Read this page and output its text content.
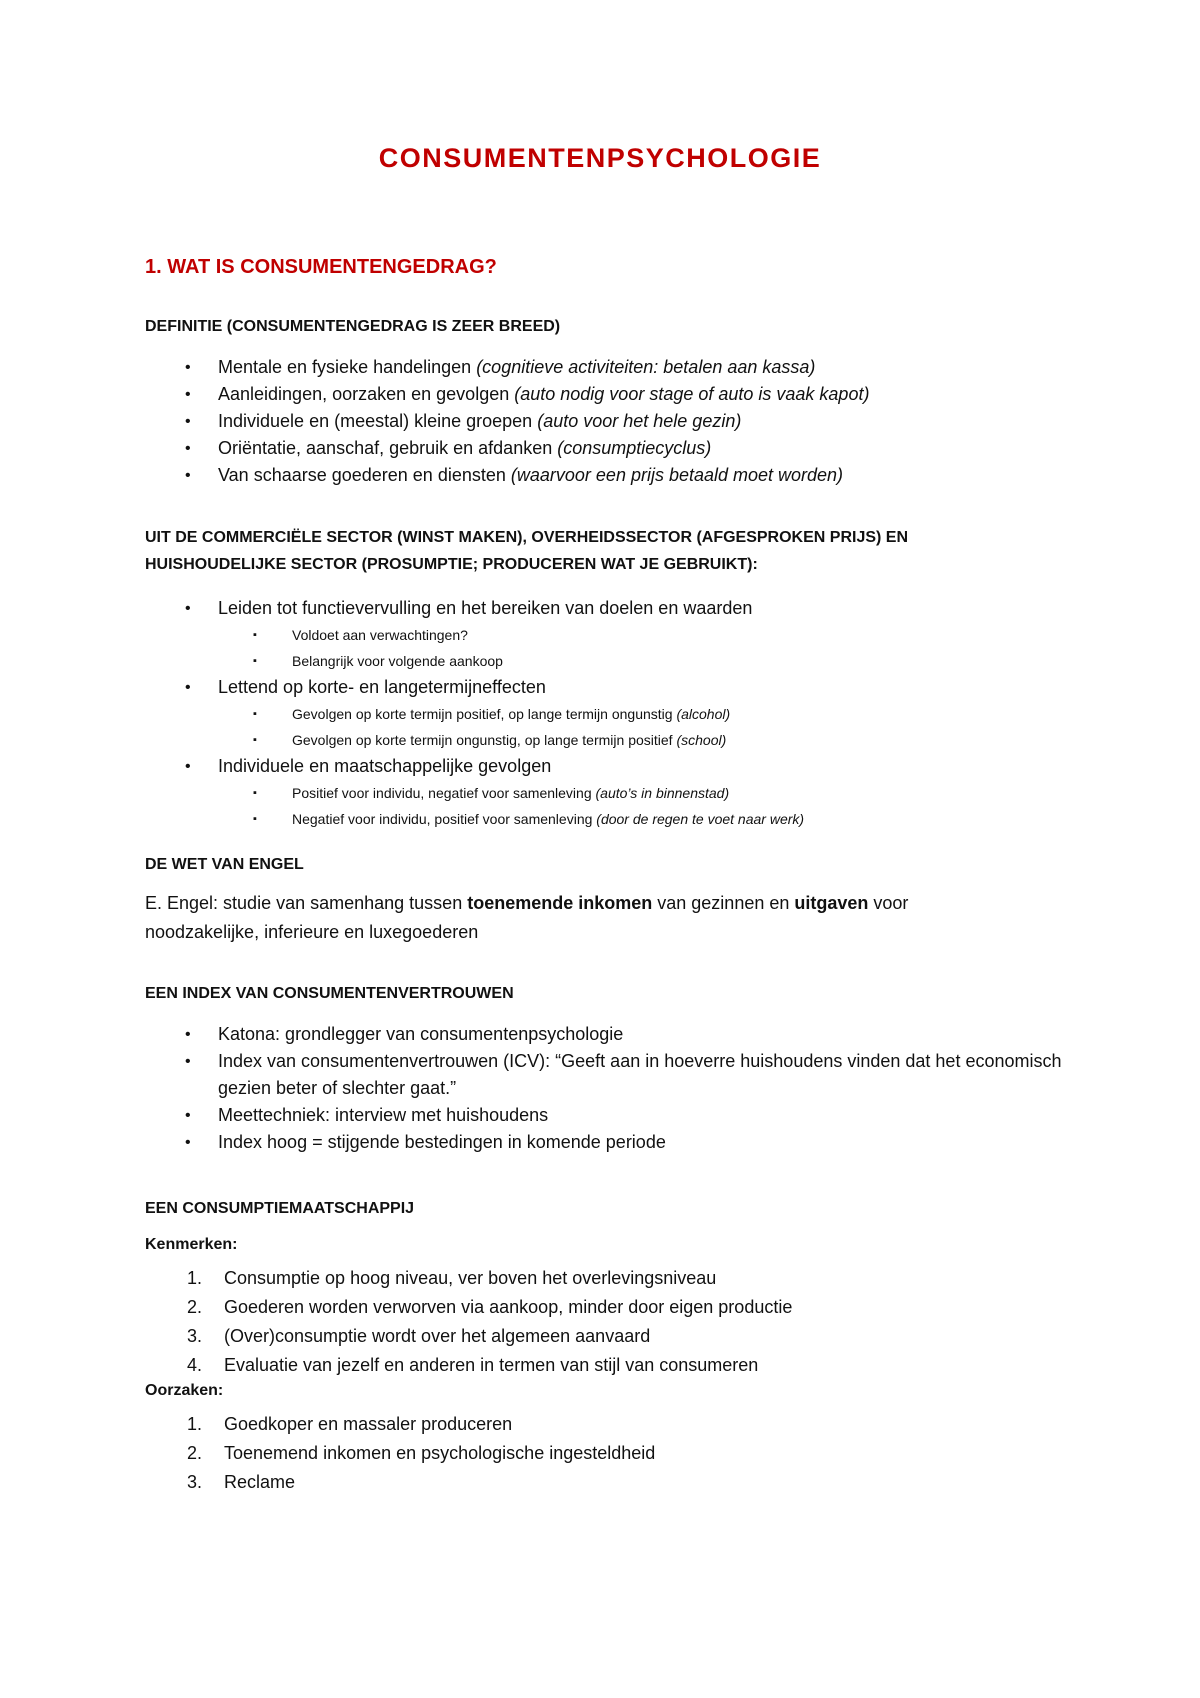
CONSUMENTENPSYCHOLOGIE
1. WAT IS CONSUMENTENGEDRAG?
DEFINITIE (CONSUMENTENGEDRAG IS ZEER BREED)
• Mentale en fysieke handelingen (cognitieve activiteiten: betalen aan kassa)
• Aanleidingen, oorzaken en gevolgen (auto nodig voor stage of auto is vaak kapot)
• Individuele en (meestal) kleine groepen (auto voor het hele gezin)
• Oriëntatie, aanschaf, gebruik en afdanken (consumptiecyclus)
• Van schaarse goederen en diensten (waarvoor een prijs betaald moet worden)
UIT DE COMMERCIËLE SECTOR (WINST MAKEN), OVERHEIDSSECTOR (AFGESPROKEN PRIJS) EN
HUISHOUDELIJKE SECTOR (PROSUMPTIE; PRODUCEREN WAT JE GEBRUIKT):
• Leiden tot functievervulling en het bereiken van doelen en waarden
▪	Voldoet aan verwachtingen?
▪	Belangrijk voor volgende aankoop
• Lettend op korte- en langetermijneffecten
▪	Gevolgen op korte termijn positief, op lange termijn ongunstig (alcohol)
▪	Gevolgen op korte termijn ongunstig, op lange termijn positief (school)
• Individuele en maatschappelijke gevolgen
▪	Positief voor individu, negatief voor samenleving (auto’s in binnenstad)
▪	Negatief voor individu, positief voor samenleving (door de regen te voet naar werk)
DE WET VAN ENGEL
E. Engel: studie van samenhang tussen toenemende inkomen van gezinnen en uitgaven voor
noodzakelijke, inferieure en luxegoederen
EEN INDEX VAN CONSUMENTENVERTROUWEN
• Katona: grondlegger van consumentenpsychologie
• Index van consumentenvertrouwen (ICV): “Geeft aan in hoeverre huishoudens vinden dat het economisch gezien beter of slechter gaat.”
• Meettechniek: interview met huishoudens
• Index hoog = stijgende bestedingen in komende periode
EEN CONSUMPTIEMAATSCHAPPIJ
Kenmerken:
1. Consumptie op hoog niveau, ver boven het overlevingsniveau
2. Goederen worden verworven via aankoop, minder door eigen productie
3. (Over)consumptie wordt over het algemeen aanvaard
4. Evaluatie van jezelf en anderen in termen van stijl van consumeren
Oorzaken:
1. Goedkoper en massaler produceren
2. Toenemend inkomen en psychologische ingesteldheid
3. Reclame
